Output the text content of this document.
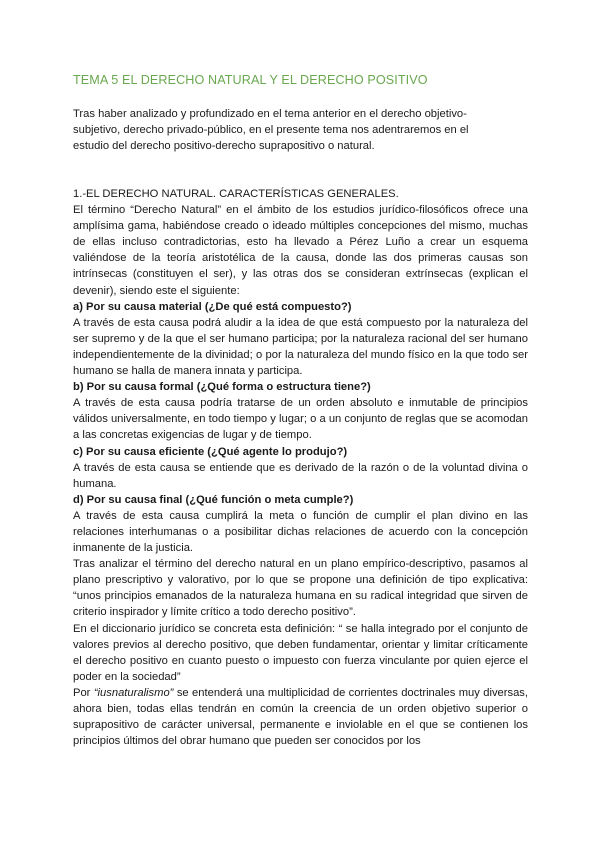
TEMA 5 EL DERECHO NATURAL Y EL DERECHO POSITIVO

Tras haber analizado y profundizado en el tema anterior en el derecho objetivo-subjetivo, derecho privado-público, en el presente tema nos adentraremos en el estudio del derecho positivo-derecho suprapositivo o natural.

1.-EL DERECHO NATURAL. CARACTERÍSTICAS GENERALES.

El término “Derecho Natural” en el ámbito de los estudios jurídico-filosóficos ofrece una amplísima gama, habiéndose creado o ideado múltiples concepciones del mismo, muchas de ellas incluso contradictorias, esto ha llevado a Pérez Luño a crear un esquema valiéndose de la teoría aristotélica de la causa, donde las dos primeras causas son intrínsecas (constituyen el ser), y las otras dos se consideran extrínsecas (explican el devenir), siendo este el siguiente:

a) Por su causa material (¿De qué está compuesto?)

A través de esta causa podrá aludir a la idea de que está compuesto por la naturaleza del ser supremo y de la que el ser humano participa; por la naturaleza racional del ser humano independientemente de la divinidad; o por la naturaleza del mundo físico en la que todo ser humano se halla de manera innata y participa.

b) Por su causa formal (¿Qué forma o estructura tiene?)

A través de esta causa podría tratarse de un orden absoluto e inmutable de principios válidos universalmente, en todo tiempo y lugar; o a un conjunto de reglas que se acomodan a las concretas exigencias de lugar y de tiempo.

c) Por su causa eficiente (¿Qué agente lo produjo?)

A través de esta causa se entiende que es derivado de la razón o de la voluntad divina o humana.

d) Por su causa final (¿Qué función o meta cumple?)

A través de esta causa cumplirá la meta o función de cumplir el plan divino en las relaciones interhumanas o a posibilitar dichas relaciones de acuerdo con la concepción inmanente de la justicia.

Tras analizar el término del derecho natural en un plano empírico-descriptivo, pasamos al plano prescriptivo y valorativo, por lo que se propone una definición de tipo explicativa: “unos principios emanados de la naturaleza humana en su radical integridad que sirven de criterio inspirador y límite crítico a todo derecho positivo”.

En el diccionario jurídico se concreta esta definición: “ se halla integrado por el conjunto de valores previos al derecho positivo, que deben fundamentar, orientar y limitar críticamente el derecho positivo en cuanto puesto o impuesto con fuerza vinculante por quien ejerce el poder en la sociedad”

Por “iusnaturalismo” se entenderá una multiplicidad de corrientes doctrinales muy diversas, ahora bien, todas ellas tendrán en común la creencia de un orden objetivo superior o suprapositivo de carácter universal, permanente e inviolable en el que se contienen los principios últimos del obrar humano que pueden ser conocidos por los
